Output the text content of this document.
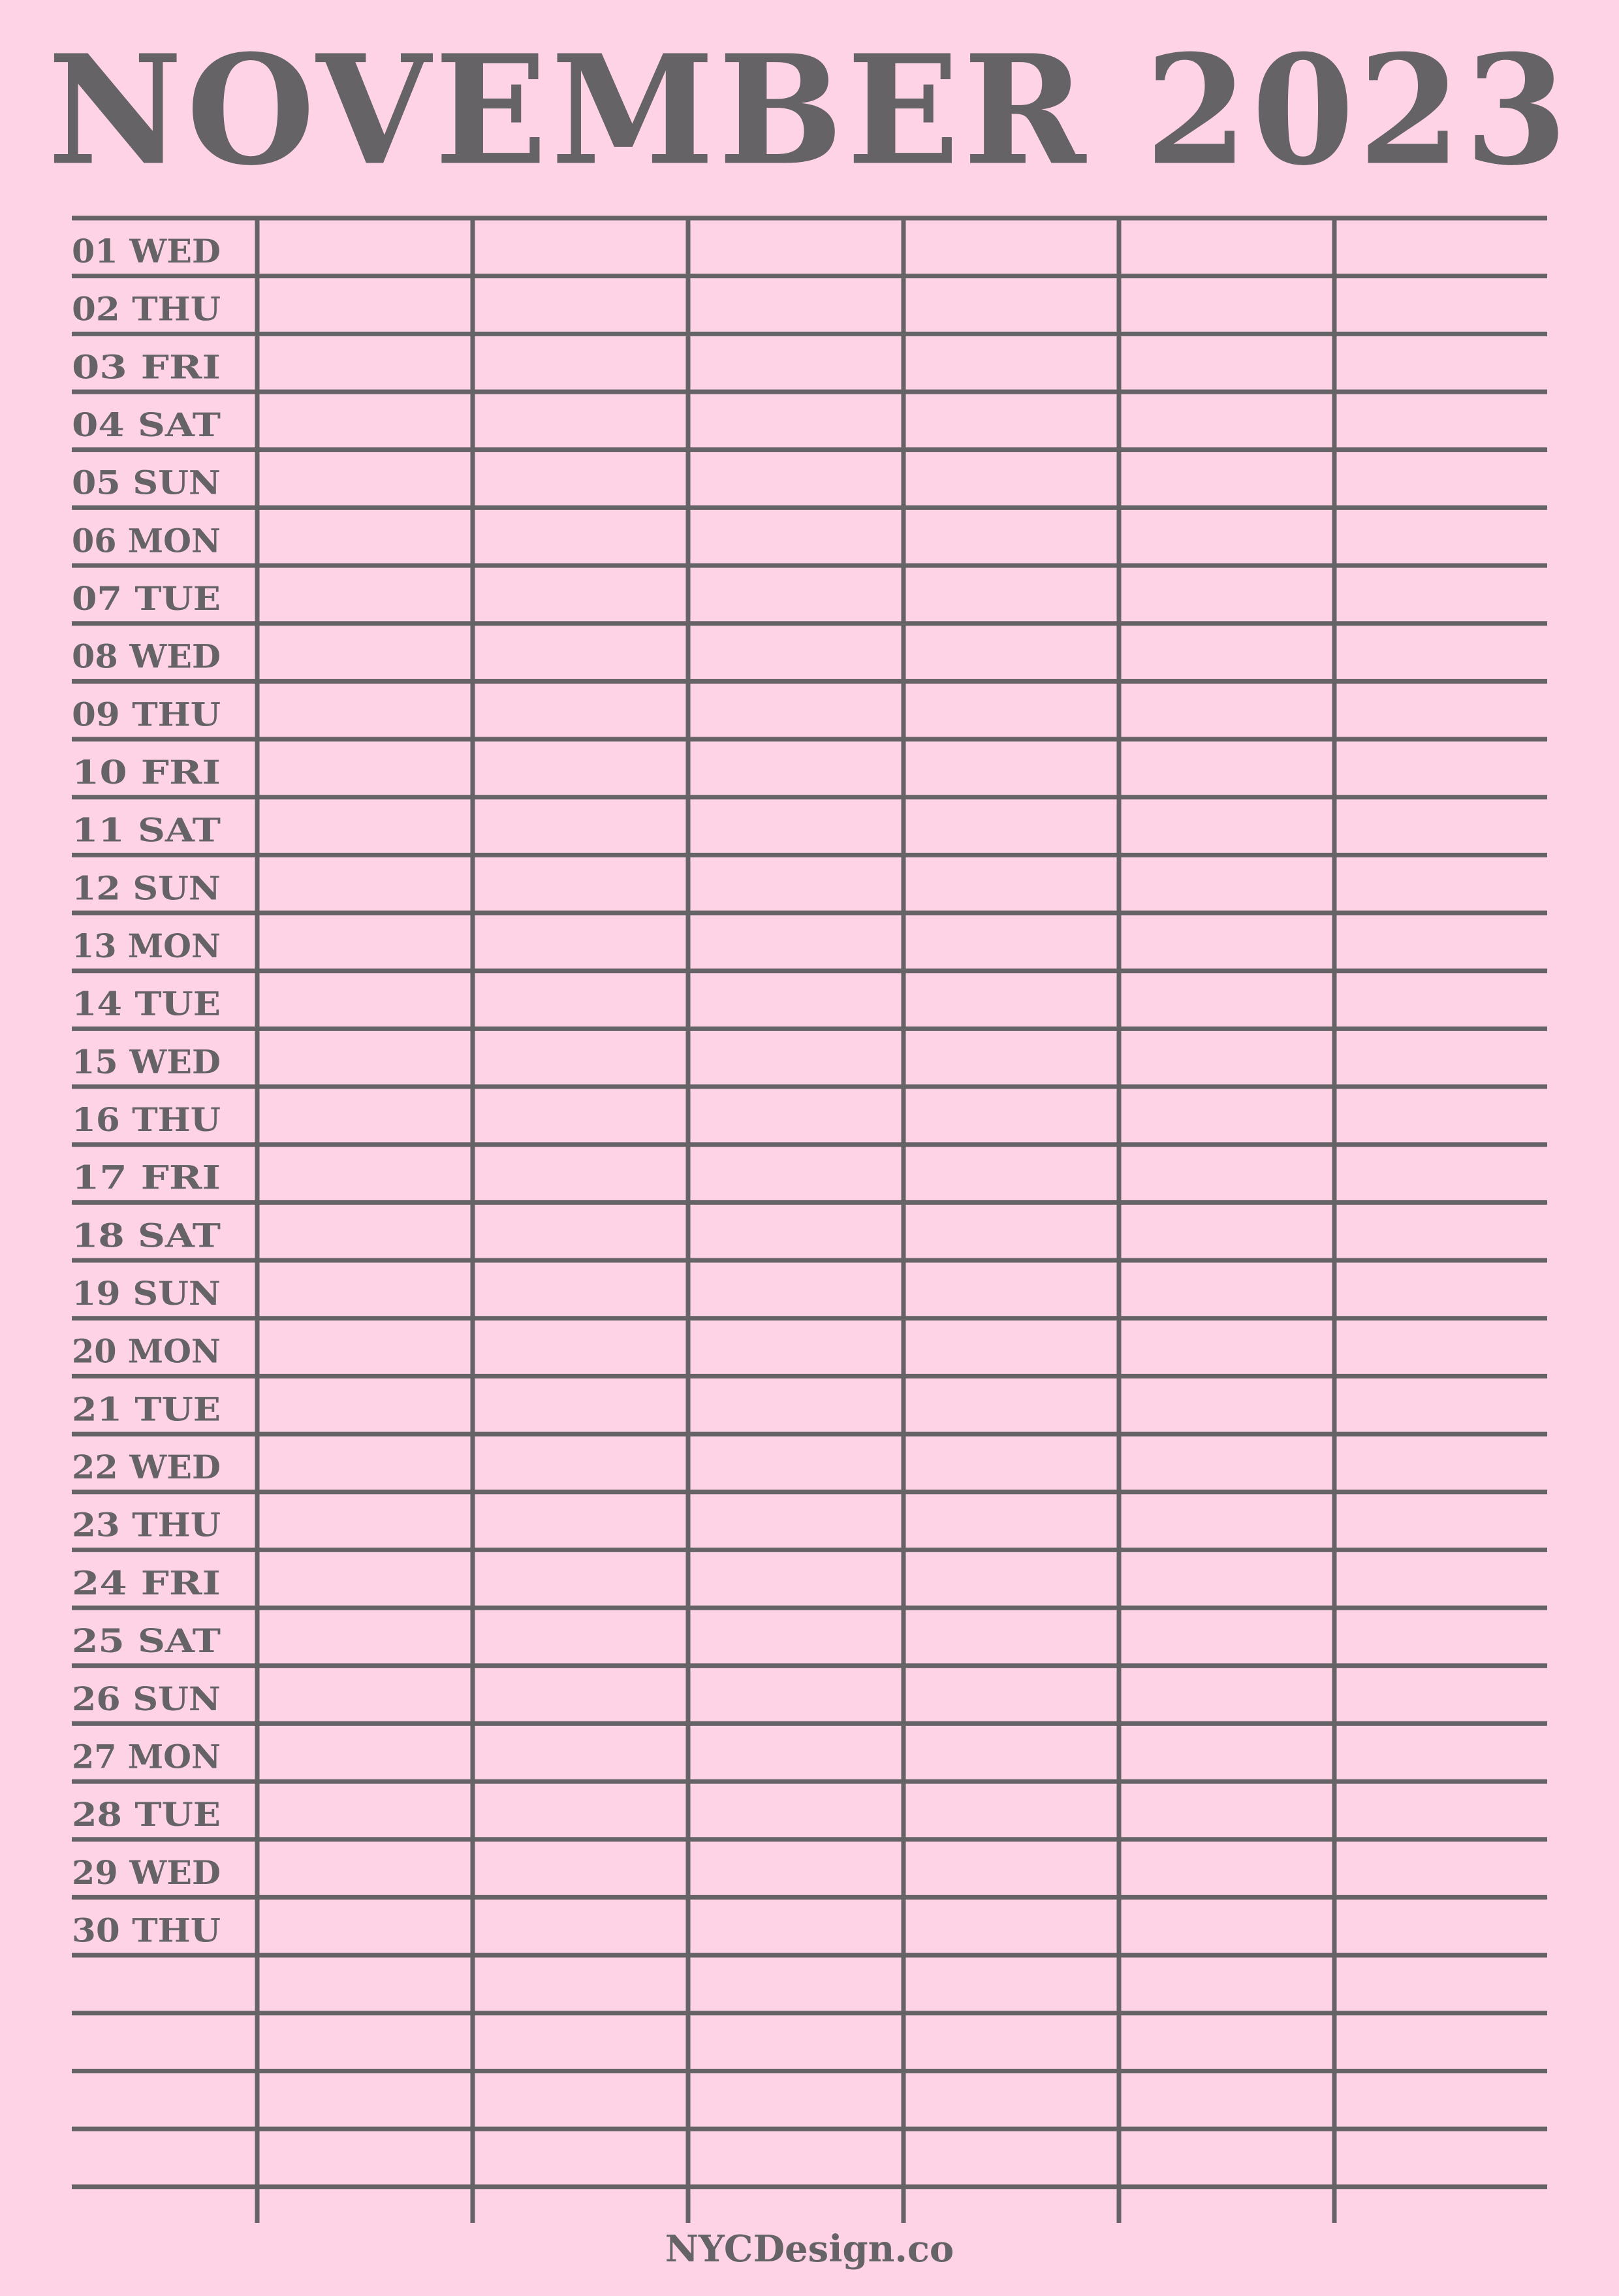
NOVEMBER 2023
01 WED
02 THU
03 FRI
04 SAT
05 SUN
06 MON
07 TUE
08 WED
09 THU
10 FRI
11 SAT
12 SUN
13 MON
14 TUE
15 WED
16 THU
17 FRI
18 SAT
19 SUN
20 MON
21 TUE
22 WED
23 THU
24 FRI
25 SAT
26 SUN
27 MON
28 TUE
29 WED
30 THU
NYCDesign.co
